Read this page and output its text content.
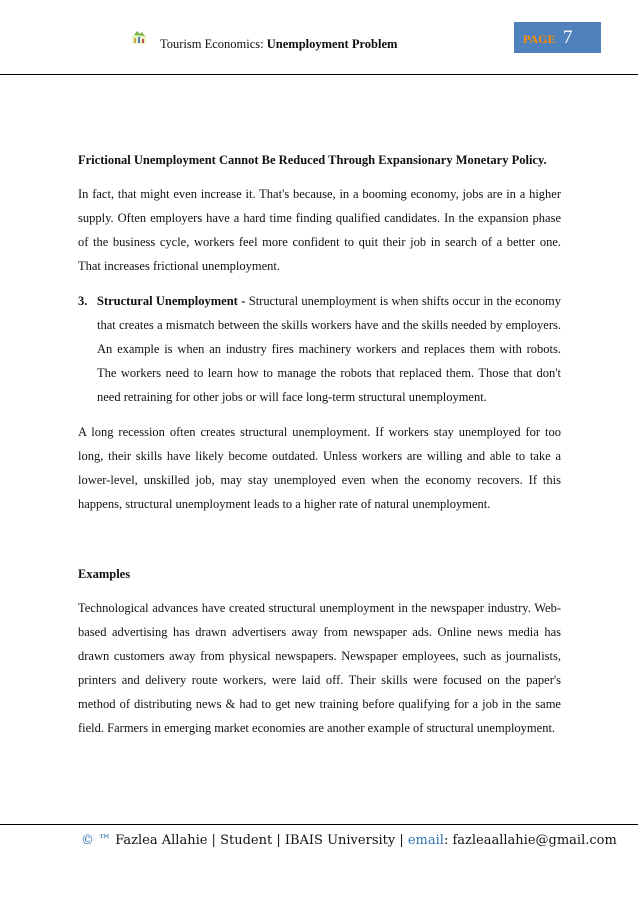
Tourism Economics: Unemployment Problem	PAGE 7

Frictional Unemployment Cannot Be Reduced Through Expansionary Monetary Policy.

In fact, that might even increase it. That's because, in a booming economy, jobs are in a higher supply. Often employers have a hard time finding qualified candidates. In the expansion phase of the business cycle, workers feel more confident to quit their job in search of a better one. That increases frictional unemployment.

3. Structural Unemployment - Structural unemployment is when shifts occur in the economy that creates a mismatch between the skills workers have and the skills needed by employers. An example is when an industry fires machinery workers and replaces them with robots. The workers need to learn how to manage the robots that replaced them. Those that don't need retraining for other jobs or will face long-term structural unemployment.

A long recession often creates structural unemployment. If workers stay unemployed for too long, their skills have likely become outdated. Unless workers are willing and able to take a lower-level, unskilled job, may stay unemployed even when the economy recovers. If this happens, structural unemployment leads to a higher rate of natural unemployment.

Examples

Technological advances have created structural unemployment in the newspaper industry. Web-based advertising has drawn advertisers away from newspaper ads. Online news media has drawn customers away from physical newspapers. Newspaper employees, such as journalists, printers and delivery route workers, were laid off. Their skills were focused on the paper's method of distributing news & had to get new training before qualifying for a job in the same field. Farmers in emerging market economies are another example of structural unemployment.

© ™ Fazlea Allahie | Student | IBAIS University | email: fazleaallahie@gmail.com
